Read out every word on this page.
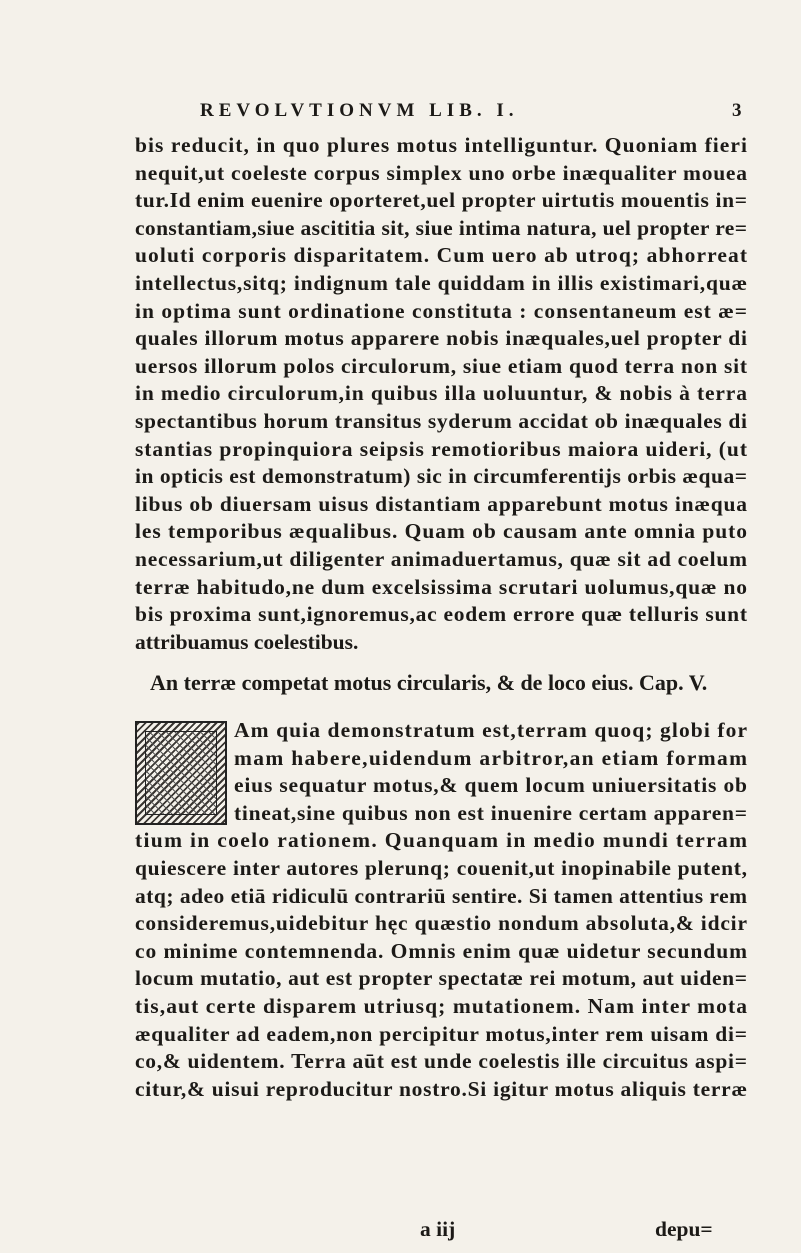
REVOLVTIONVM LIB. I.	3
bis reducit, in quo plures motus intelliguntur. Quoniam fieri
nequit,ut coeleste corpus simplex uno orbe inæqualiter mouea
tur.Id enim euenire oporteret,uel propter uirtutis mouentis in=
constantiam,siue ascititia sit, siue intima natura, uel propter re=
uoluti corporis disparitatem. Cum uero ab utroq; abhorreat
intellectus,sitq; indignum tale quiddam in illis existimari,quæ
in optima sunt ordinatione constituta : consentaneum est æ=
quales illorum motus apparere nobis inæquales,uel propter di
uersos illorum polos circulorum, siue etiam quod terra non sit
in medio circulorum,in quibus illa uoluuntur, & nobis à terra
spectantibus horum transitus syderum accidat ob inæquales di
stantias propinquiora seipsis remotioribus maiora uideri, (ut
in opticis est demonstratum) sic in circumferentijs orbis æqua=
libus ob diuersam uisus distantiam apparebunt motus inæqua
les temporibus æqualibus. Quam ob causam ante omnia puto
necessarium,ut diligenter animaduertamus, quæ sit ad coelum
terræ habitudo,ne dum excelsissima scrutari uolumus,quæ no
bis proxima sunt,ignoremus,ac eodem errore quæ telluris sunt
attribuamus coelestibus.
An terræ competat motus circularis, & de loco eius. Cap. V.
Am quia demonstratum est,terram quoq; globi for
mam habere,uidendum arbitror,an etiam formam
eius sequatur motus,& quem locum uniuersitatis ob
tineat,sine quibus non est inuenire certam apparen=
tium in coelo rationem. Quanquam in medio mundi terram
quiescere inter autores plerunq; couenit,ut inopinabile putent,
atq; adeo etiā ridiculū contrariū sentire. Si tamen attentius rem
consideremus,uidebitur hęc quæstio nondum absoluta,& idcir
co minime contemnenda. Omnis enim quæ uidetur secundum
locum mutatio, aut est propter spectatæ rei motum, aut uiden=
tis,aut certe disparem utriusq; mutationem. Nam inter mota
æqualiter ad eadem,non percipitur motus,inter rem uisam di=
co,& uidentem. Terra aūt est unde coelestis ille circuitus aspi=
citur,& uisui reproducitur nostro.Si igitur motus aliquis terræ
a iij	depu=
